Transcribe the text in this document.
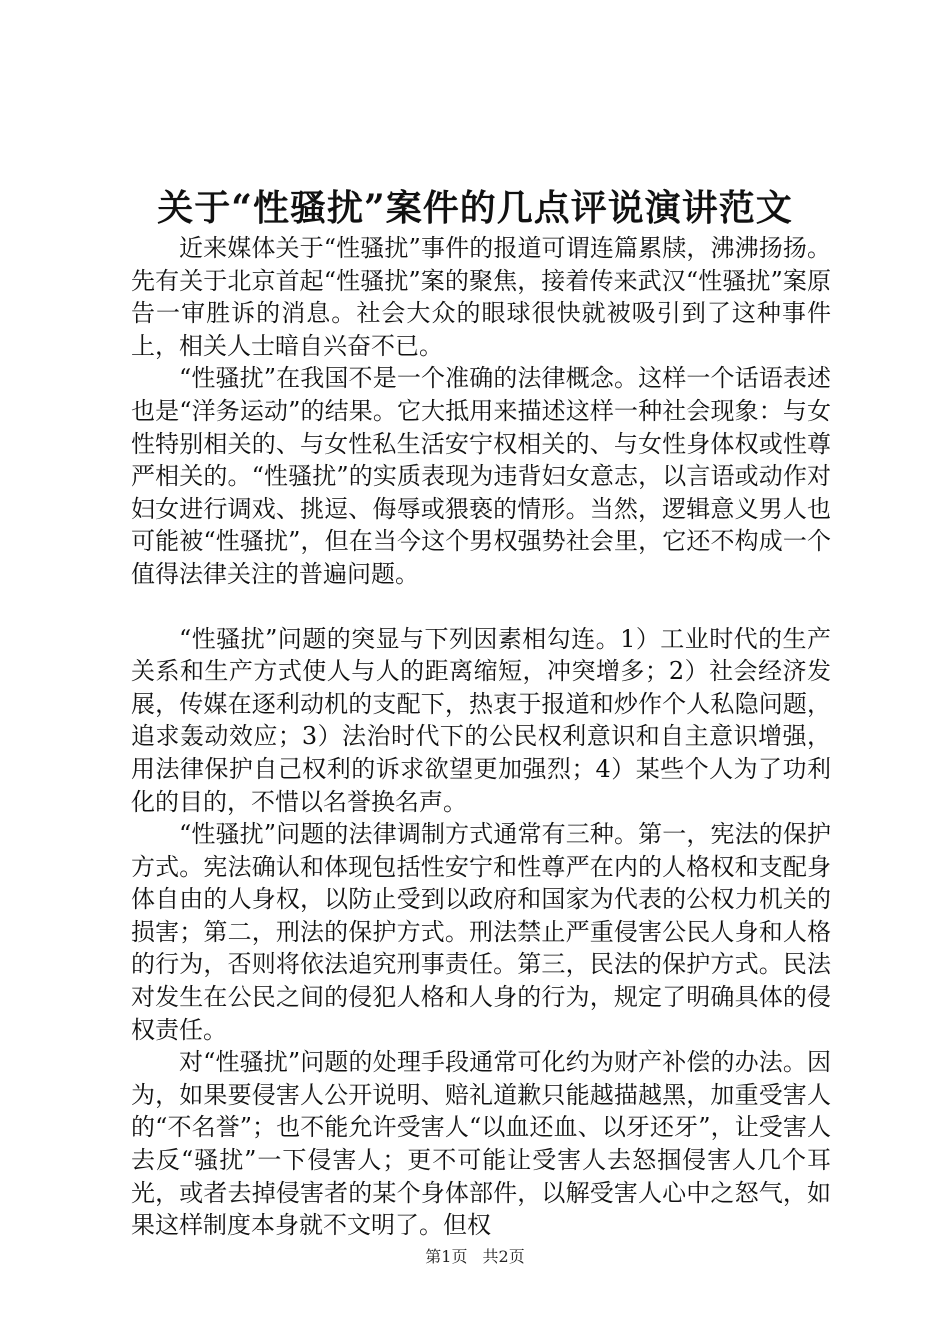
关于“性骚扰”案件的几点评说演讲范文

近来媒体关于“性骚扰”事件的报道可谓连篇累牍，沸沸扬扬。先有关于北京首起“性骚扰”案的聚焦，接着传来武汉“性骚扰”案原告一审胜诉的消息。社会大众的眼球很快就被吸引到了这种事件上，相关人士暗自兴奋不已。

“性骚扰”在我国不是一个准确的法律概念。这样一个话语表述也是“洋务运动”的结果。它大抵用来描述这样一种社会现象：与女性特别相关的、与女性私生活安宁权相关的、与女性身体权或性尊严相关的。“性骚扰”的实质表现为违背妇女意志，以言语或动作对妇女进行调戏、挑逗、侮辱或猥亵的情形。当然，逻辑意义男人也可能被“性骚扰”，但在当今这个男权强势社会里，它还不构成一个值得法律关注的普遍问题。

“性骚扰”问题的突显与下列因素相勾连。1）工业时代的生产关系和生产方式使人与人的距离缩短，冲突增多；2）社会经济发展，传媒在逐利动机的支配下，热衷于报道和炒作个人私隐问题，追求轰动效应；3）法治时代下的公民权利意识和自主意识增强，用法律保护自己权利的诉求欲望更加强烈；4）某些个人为了功利化的目的，不惜以名誉换名声。

“性骚扰”问题的法律调制方式通常有三种。第一，宪法的保护方式。宪法确认和体现包括性安宁和性尊严在内的人格权和支配身体自由的人身权，以防止受到以政府和国家为代表的公权力机关的损害；第二，刑法的保护方式。刑法禁止严重侵害公民人身和人格的行为，否则将依法追究刑事责任。第三，民法的保护方式。民法对发生在公民之间的侵犯人格和人身的行为，规定了明确具体的侵权责任。

对“性骚扰”问题的处理手段通常可化约为财产补偿的办法。因为，如果要侵害人公开说明、赔礼道歉只能越描越黑，加重受害人的“不名誉”；也不能允许受害人“以血还血、以牙还牙”，让受害人去反“骚扰”一下侵害人；更不可能让受害人去怒掴侵害人几个耳光，或者去掉侵害者的某个身体部件，以解受害人心中之怒气，如果这样制度本身就不文明了。但权

第1页 共2页
